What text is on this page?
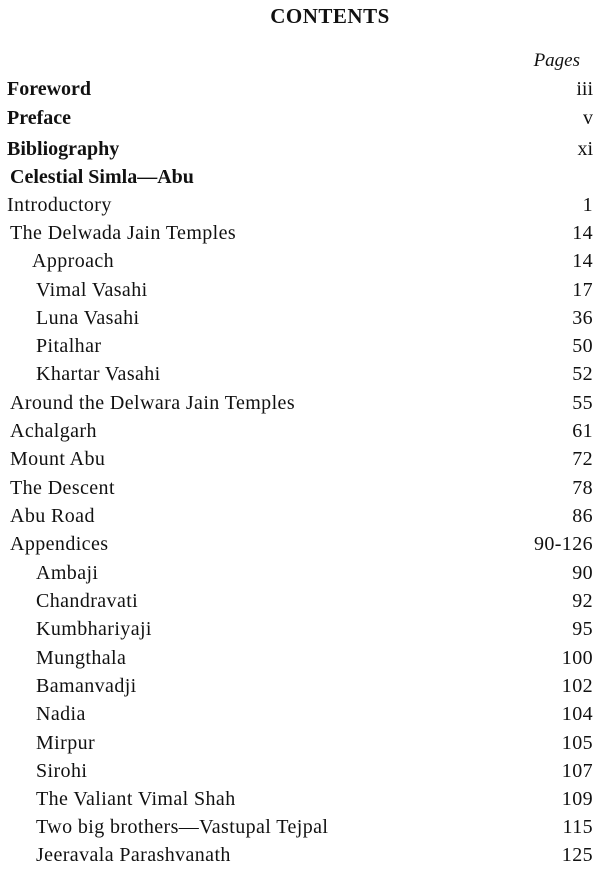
CONTENTS
Pages
Foreword	iii
Preface	v
Bibliography	xi
Celestial Simla—Abu
Introductory	1
The Delwada Jain Temples	14
Approach	14
Vimal Vasahi	17
Luna Vasahi	36
Pitalhar	50
Khartar Vasahi	52
Around the Delwara Jain Temples	55
Achalgarh	61
Mount Abu	72
The Descent	78
Abu Road	86
Appendices	90-126
Ambaji	90
Chandravati	92
Kumbhariyaji	95
Mungthala	100
Bamanvadji	102
Nadia	104
Mirpur	105
Sirohi	107
The Valiant Vimal Shah	109
Two big brothers—Vastupal Tejpal	115
Jeeravala Parashvanath	125
